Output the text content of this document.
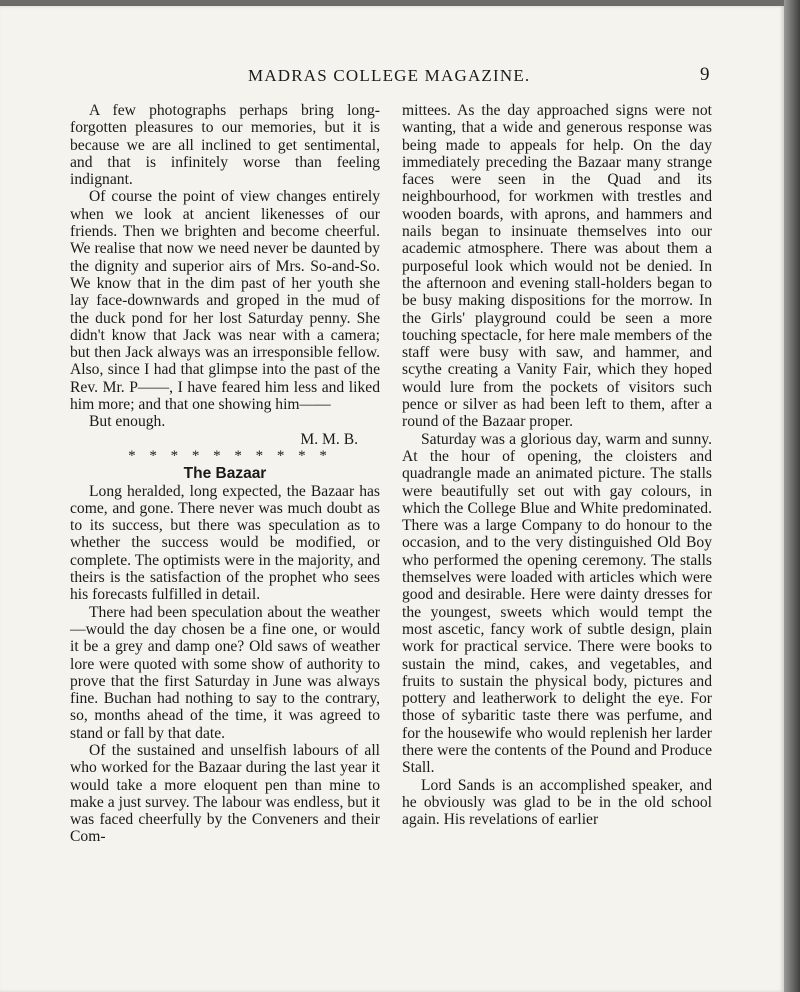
MADRAS COLLEGE MAGAZINE.	9

A few photographs perhaps bring long-forgotten pleasures to our memories, but it is because we are all inclined to get sentimental, and that is infinitely worse than feeling indignant.

Of course the point of view changes entirely when we look at ancient likenesses of our friends. Then we brighten and become cheerful. We realise that now we need never be daunted by the dignity and superior airs of Mrs. So-and-So. We know that in the dim past of her youth she lay face-downwards and groped in the mud of the duck pond for her lost Saturday penny. She didn't know that Jack was near with a camera; but then Jack always was an irresponsible fellow. Also, since I had that glimpse into the past of the Rev. Mr. P——, I have feared him less and liked him more; and that one showing him——

But enough.

M. M. B.

* * * * * * * * * *

The Bazaar

Long heralded, long expected, the Bazaar has come, and gone. There never was much doubt as to its success, but there was speculation as to whether the success would be modified, or complete. The optimists were in the majority, and theirs is the satisfaction of the prophet who sees his forecasts fulfilled in detail.

There had been speculation about the weather—would the day chosen be a fine one, or would it be a grey and damp one? Old saws of weather lore were quoted with some show of authority to prove that the first Saturday in June was always fine. Buchan had nothing to say to the contrary, so, months ahead of the time, it was agreed to stand or fall by that date.

Of the sustained and unselfish labours of all who worked for the Bazaar during the last year it would take a more eloquent pen than mine to make a just survey. The labour was endless, but it was faced cheerfully by the Conveners and their Com-

mittees. As the day approached signs were not wanting, that a wide and generous response was being made to appeals for help. On the day immediately preceding the Bazaar many strange faces were seen in the Quad and its neighbourhood, for workmen with trestles and wooden boards, with aprons, and hammers and nails began to insinuate themselves into our academic atmosphere. There was about them a purposeful look which would not be denied. In the afternoon and evening stall-holders began to be busy making dispositions for the morrow. In the Girls' playground could be seen a more touching spectacle, for here male members of the staff were busy with saw, and hammer, and scythe creating a Vanity Fair, which they hoped would lure from the pockets of visitors such pence or silver as had been left to them, after a round of the Bazaar proper.

Saturday was a glorious day, warm and sunny. At the hour of opening, the cloisters and quadrangle made an animated picture. The stalls were beautifully set out with gay colours, in which the College Blue and White predominated. There was a large Company to do honour to the occasion, and to the very distinguished Old Boy who performed the opening ceremony. The stalls themselves were loaded with articles which were good and desirable. Here were dainty dresses for the youngest, sweets which would tempt the most ascetic, fancy work of subtle design, plain work for practical service. There were books to sustain the mind, cakes, and vegetables, and fruits to sustain the physical body, pictures and pottery and leatherwork to delight the eye. For those of sybaritic taste there was perfume, and for the housewife who would replenish her larder there were the contents of the Pound and Produce Stall.

Lord Sands is an accomplished speaker, and he obviously was glad to be in the old school again. His revelations of earlier
